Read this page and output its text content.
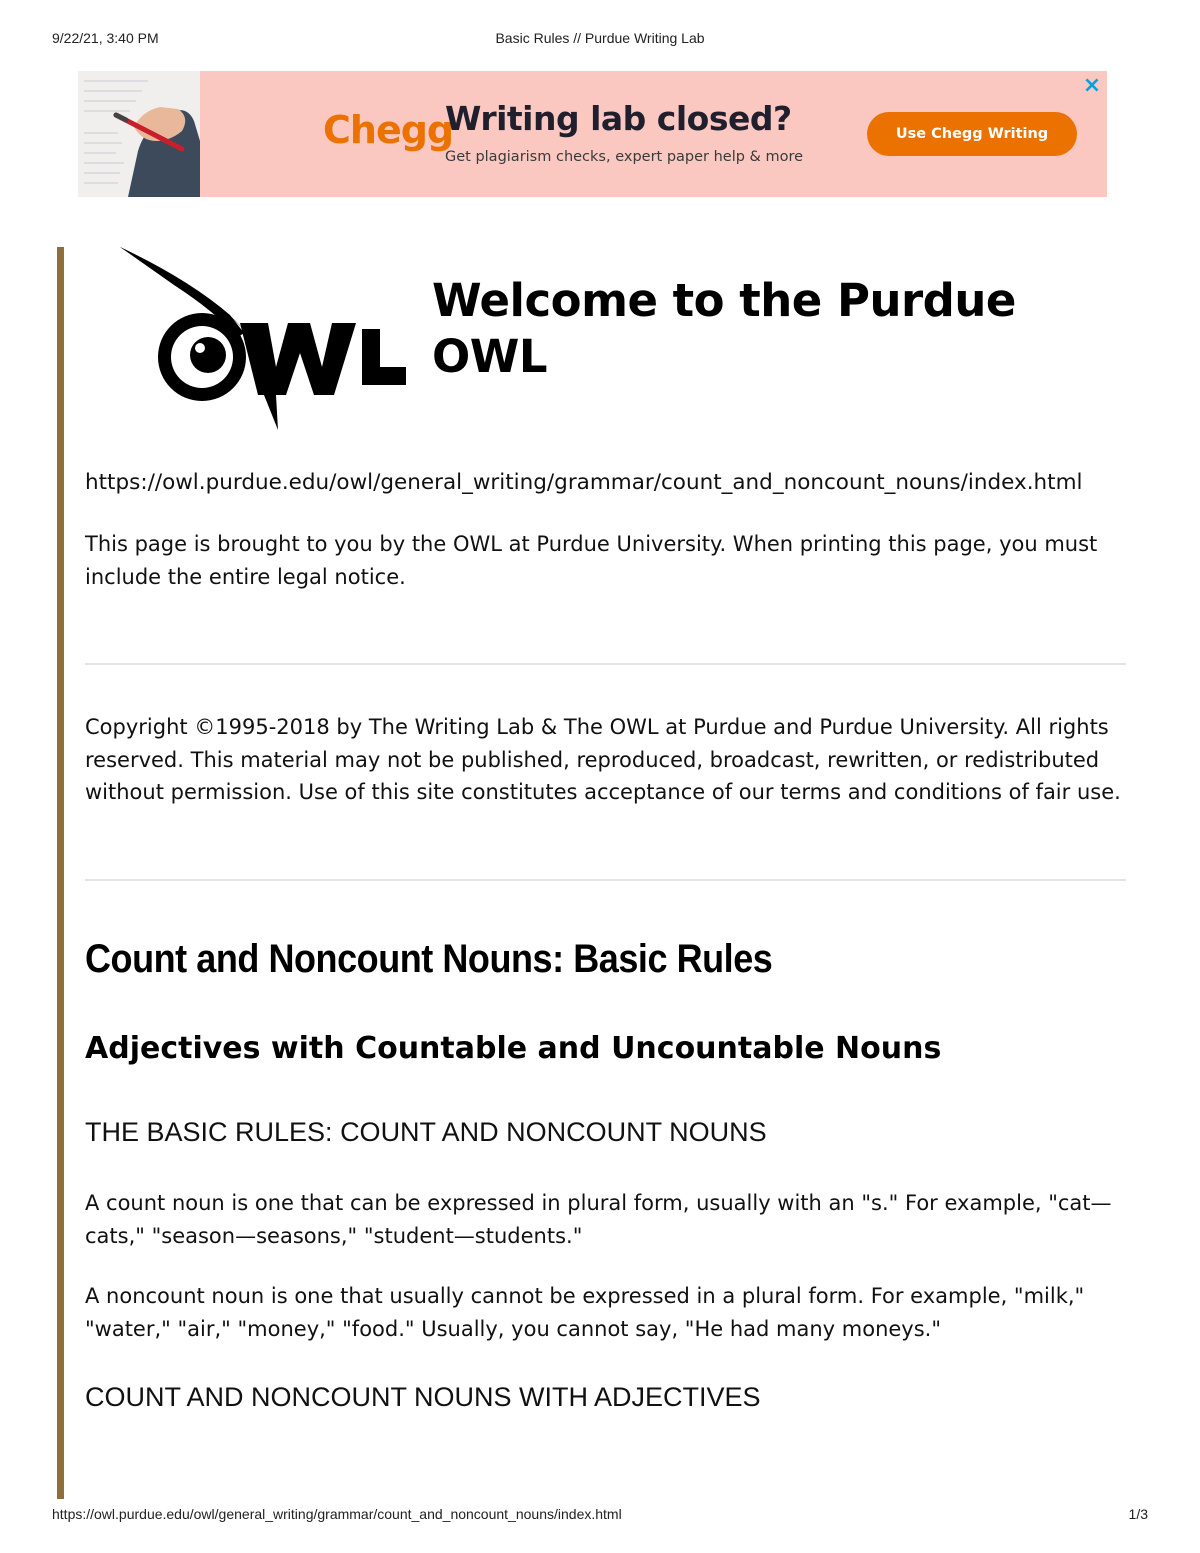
9/22/21, 3:40 PM	Basic Rules // Purdue Writing Lab
Chegg
Writing lab closed?
Get plagiarism checks, expert paper help & more
Use Chegg Writing
×
OWL
Welcome to the Purdue OWL
https://owl.purdue.edu/owl/general_writing/grammar/count_and_noncount_nouns/index.html
This page is brought to you by the OWL at Purdue University. When printing this page, you must include the entire legal notice.
Copyright ©1995-2018 by The Writing Lab & The OWL at Purdue and Purdue University. All rights reserved. This material may not be published, reproduced, broadcast, rewritten, or redistributed without permission. Use of this site constitutes acceptance of our terms and conditions of fair use.
Count and Noncount Nouns: Basic Rules
Adjectives with Countable and Uncountable Nouns
THE BASIC RULES: COUNT AND NONCOUNT NOUNS
A count noun is one that can be expressed in plural form, usually with an "s." For example, "cat—cats," "season—seasons," "student—students."
A noncount noun is one that usually cannot be expressed in a plural form. For example, "milk," "water," "air," "money," "food." Usually, you cannot say, "He had many moneys."
COUNT AND NONCOUNT NOUNS WITH ADJECTIVES
https://owl.purdue.edu/owl/general_writing/grammar/count_and_noncount_nouns/index.html	1/3
